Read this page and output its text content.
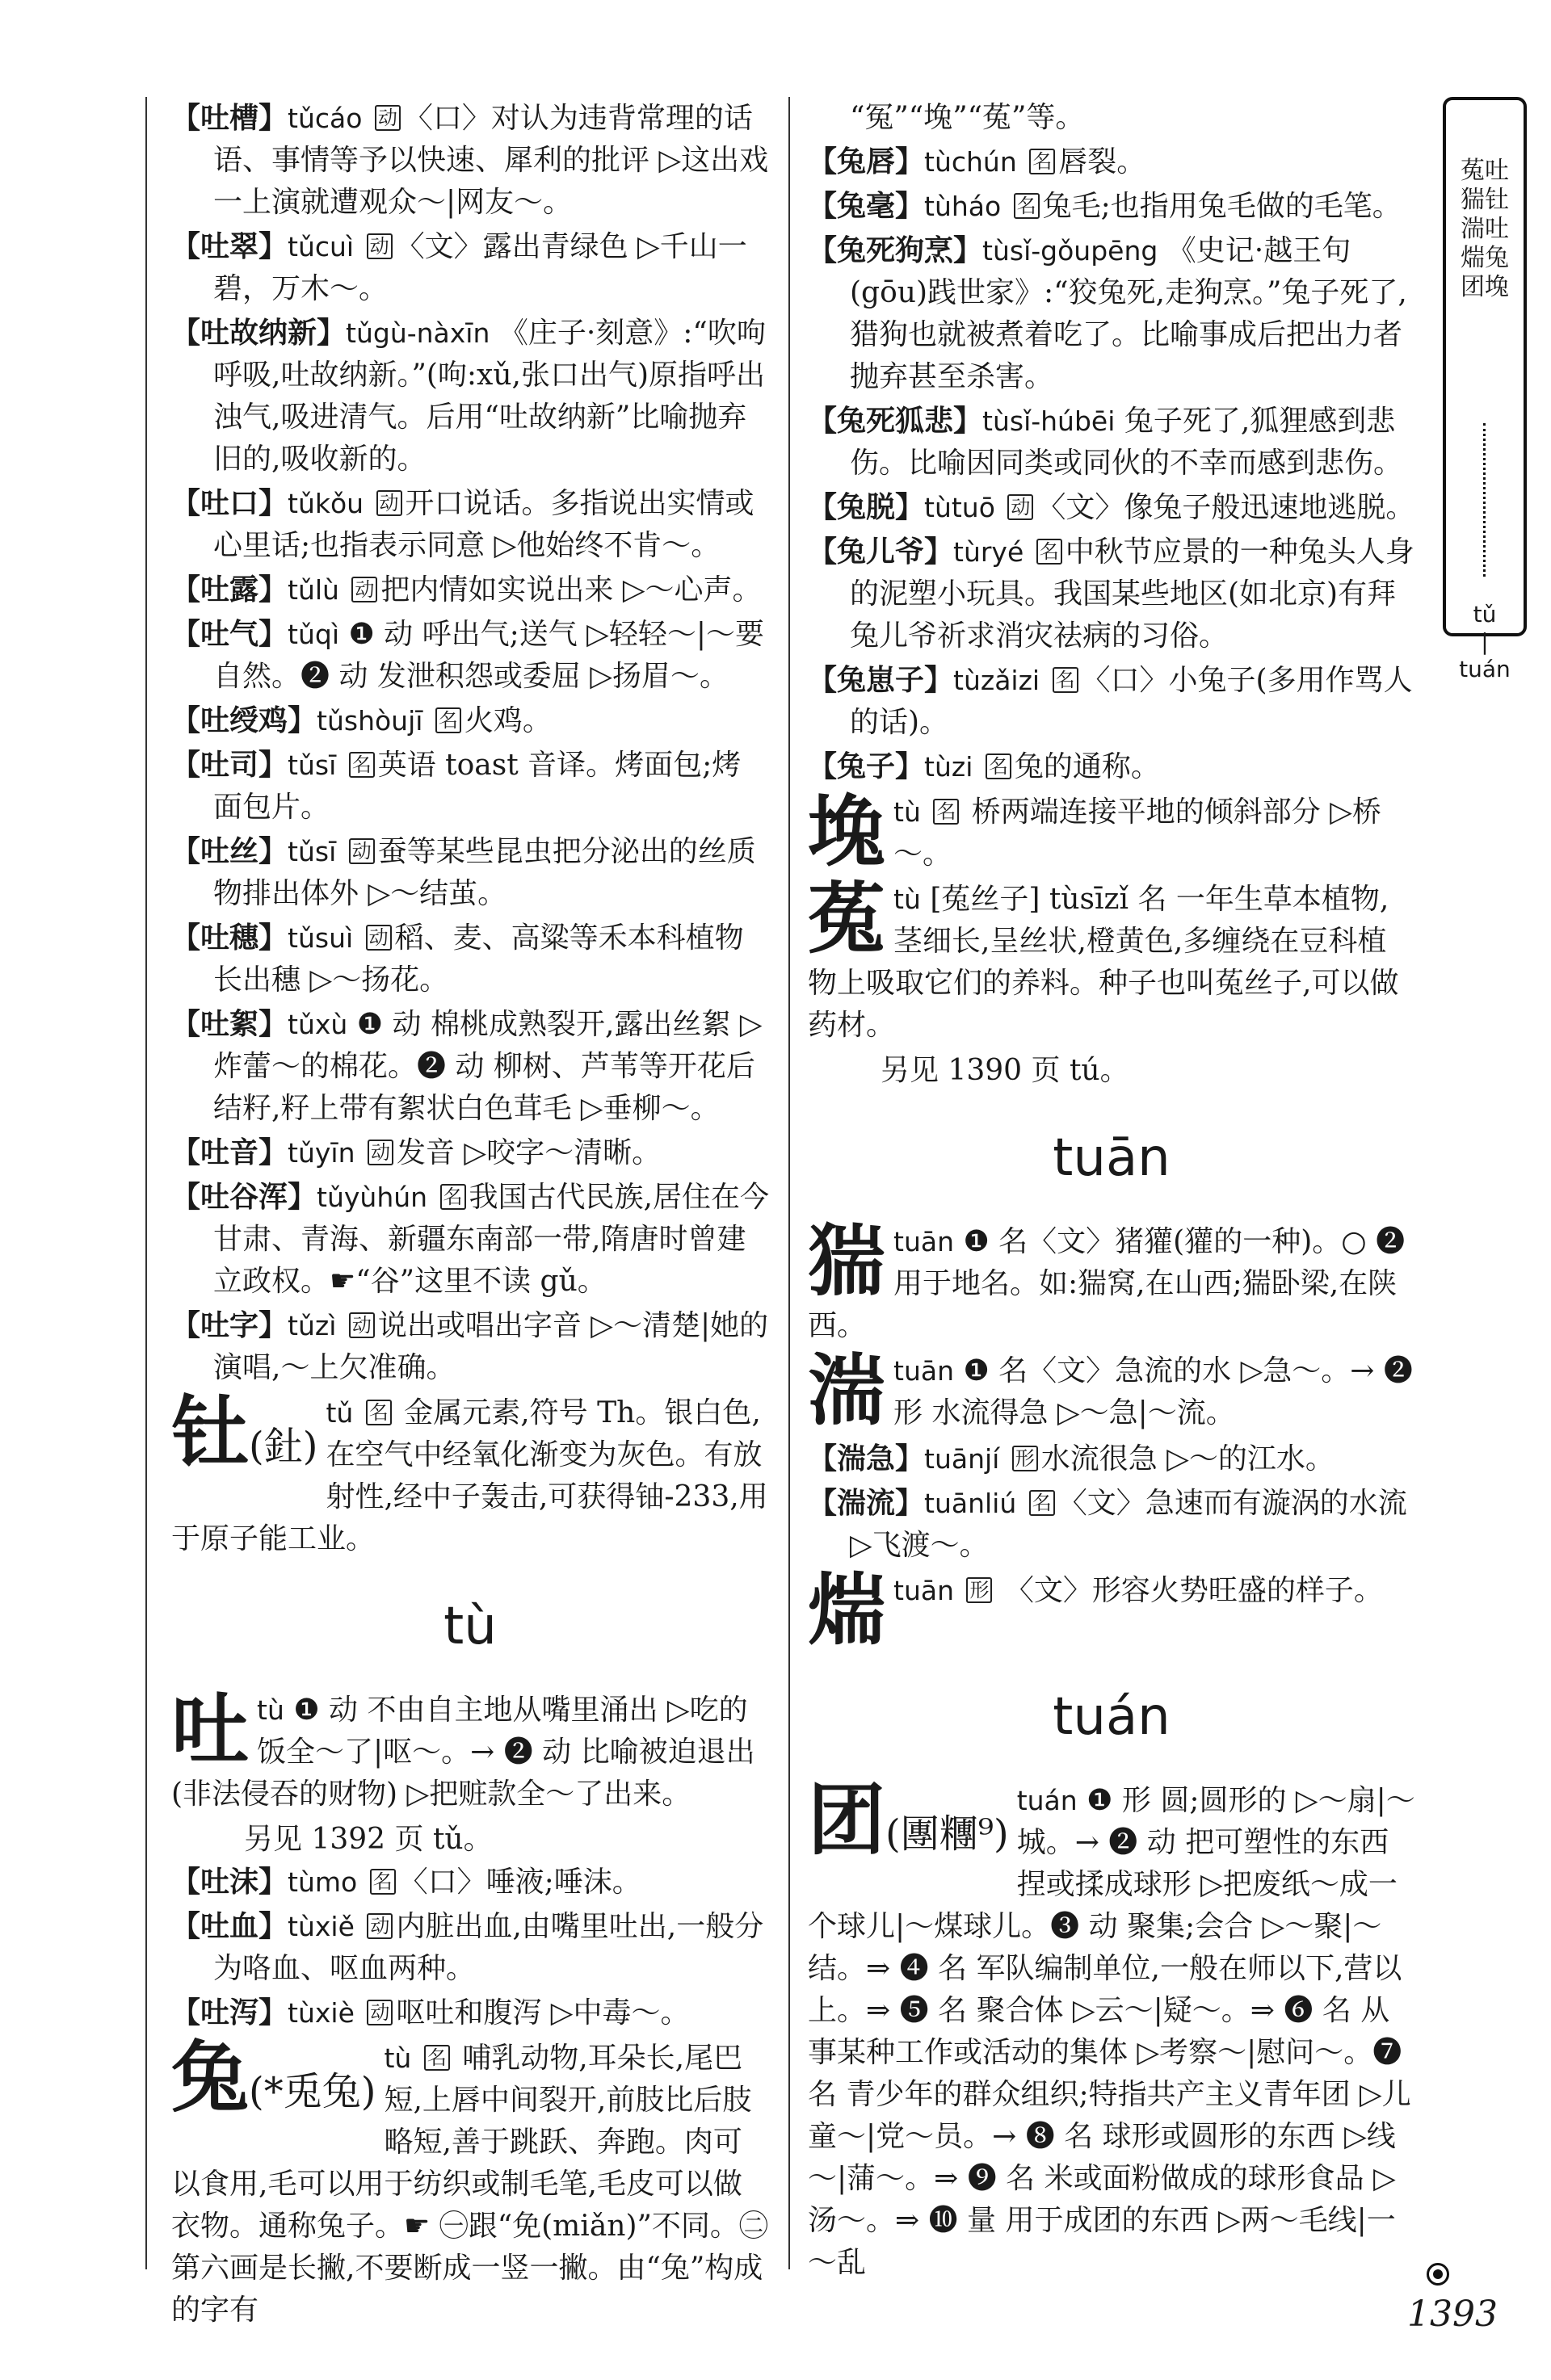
【吐槽】tǔcáo 动 〈口〉对认为违背常理的话语、事情等予以快速、犀利的批评 ▷这出戏一上演就遭观众～|网友～。

【吐翠】tǔcuì 动 〈文〉露出青绿色 ▷千山一碧，万木～。

【吐故纳新】tǔgù-nàxīn 《庄子·刻意》:“吹呴呼吸,吐故纳新。”(呴:xǔ,张口出气)原指呼出浊气,吸进清气。后用“吐故纳新”比喻抛弃旧的,吸收新的。

【吐口】tǔkǒu 动 开口说话。多指说出实情或心里话;也指表示同意 ▷他始终不肯～。

【吐露】tǔlù 动 把内情如实说出来 ▷～心声。

【吐气】tǔqì ❶ 动 呼出气;送气 ▷轻轻～|～要自然。❷ 动 发泄积怨或委屈 ▷扬眉～。

【吐绶鸡】tǔshòujī 名 火鸡。

【吐司】tǔsī 名 英语 toast 音译。烤面包;烤面包片。

【吐丝】tǔsī 动 蚕等某些昆虫把分泌出的丝质物排出体外 ▷～结茧。

【吐穗】tǔsuì 动 稻、麦、高粱等禾本科植物长出穗 ▷～扬花。

【吐絮】tǔxù ❶ 动 棉桃成熟裂开,露出丝絮 ▷炸蕾～的棉花。❷ 动 柳树、芦苇等开花后结籽,籽上带有絮状白色茸毛 ▷垂柳～。

【吐音】tǔyīn 动 发音 ▷咬字～清晰。

【吐谷浑】tǔyùhún 名 我国古代民族,居住在今甘肃、青海、新疆东南部一带,隋唐时曾建立政权。☛“谷”这里不读 gǔ。

【吐字】tǔzì 动 说出或唱出字音 ▷～清楚|她的演唱,～上欠准确。

钍(釷)
tǔ 名 金属元素,符号 Th。银白色,在空气中经氧化渐变为灰色。有放射性,经中子轰击,可获得铀-233,用于原子能工业。
tù
吐 tù ❶ 动 不由自主地从嘴里涌出 ▷吃的饭全～了|呕～。→ ❷ 动 比喻被迫退出(非法侵吞的财物) ▷把赃款全～了出来。
另见 1392 页 tǔ。

【吐沫】tùmo 名 〈口〉唾液;唾沫。

【吐血】tùxiě 动 内脏出血,由嘴里吐出,一般分为咯血、呕血两种。

【吐泻】tùxiè 动 呕吐和腹泻 ▷中毒～。

兔(*兎兔)
tù 名 哺乳动物,耳朵长,尾巴短,上唇中间裂开,前肢比后肢略短,善于跳跃、奔跑。肉可以食用,毛可以用于纺织或制毛笔,毛皮可以做衣物。通称兔子。☛ ㊀跟“免(miǎn)”不同。㊁第六画是长撇,不要断成一竖一撇。由“兔”构成的字有
“冤”“堍”“菟”等。

【兔唇】tùchún 名 唇裂。

【兔毫】tùháo 名 兔毛;也指用兔毛做的毛笔。

【兔死狗烹】tùsǐ-gǒupēng 《史记·越王句(gōu)践世家》:“狡兔死,走狗烹。”兔子死了,猎狗也就被煮着吃了。比喻事成后把出力者抛弃甚至杀害。

【兔死狐悲】tùsǐ-húbēi 兔子死了,狐狸感到悲伤。比喻因同类或同伙的不幸而感到悲伤。

【兔脱】tùtuō 动 〈文〉像兔子般迅速地逃脱。

【兔儿爷】tùryé 名 中秋节应景的一种兔头人身的泥塑小玩具。我国某些地区(如北京)有拜兔儿爷祈求消灾祛病的习俗。

【兔崽子】tùzǎizi 名 〈口〉小兔子(多用作骂人的话)。

【兔子】tùzi 名 兔的通称。

堍 tù 名 桥两端连接平地的倾斜部分 ▷桥～。
菟 tù [菟丝子] tùsīzǐ 名 一年生草本植物,茎细长,呈丝状,橙黄色,多缠绕在豆科植物上吸取它们的养料。种子也叫菟丝子,可以做药材。
另见 1390 页 tú。
tuān
猯 tuān ❶ 名〈文〉猪獾(獾的一种)。○ ❷ 用于地名。如:猯窝,在山西;猯卧梁,在陕西。
湍 tuān ❶ 名〈文〉急流的水 ▷急～。→ ❷ 形 水流得急 ▷～急|～流。

【湍急】tuānjí 形 水流很急 ▷～的江水。

【湍流】tuānliú 名 〈文〉急速而有漩涡的水流 ▷飞渡～。

煓 tuān 形 〈文〉形容火势旺盛的样子。
tuán
团(團糰⁹)
tuán ❶ 形 圆;圆形的 ▷～扇|～城。→ ❷ 动 把可塑性的东西捏或揉成球形 ▷把废纸～成一个球儿|～煤球儿。❸ 动 聚集;会合 ▷～聚|～结。⇒ ❹ 名 军队编制单位,一般在师以下,营以上。⇒ ❺ 名 聚合体 ▷云～|疑～。⇒ ❻ 名 从事某种工作或活动的集体 ▷考察～|慰问～。❼ 名 青少年的群众组织;特指共产主义青年团 ▷儿童～|党～员。→ ❽ 名 球形或圆形的东西 ▷线～|蒲～。⇒ ❾ 名 米或面粉做成的球形食品 ▷汤～。⇒ ❿ 量 用于成团的东西 ▷两～毛线|一～乱
菟吐猯钍湍吐煓兔团堍
tǔ
|
tuán
1393
